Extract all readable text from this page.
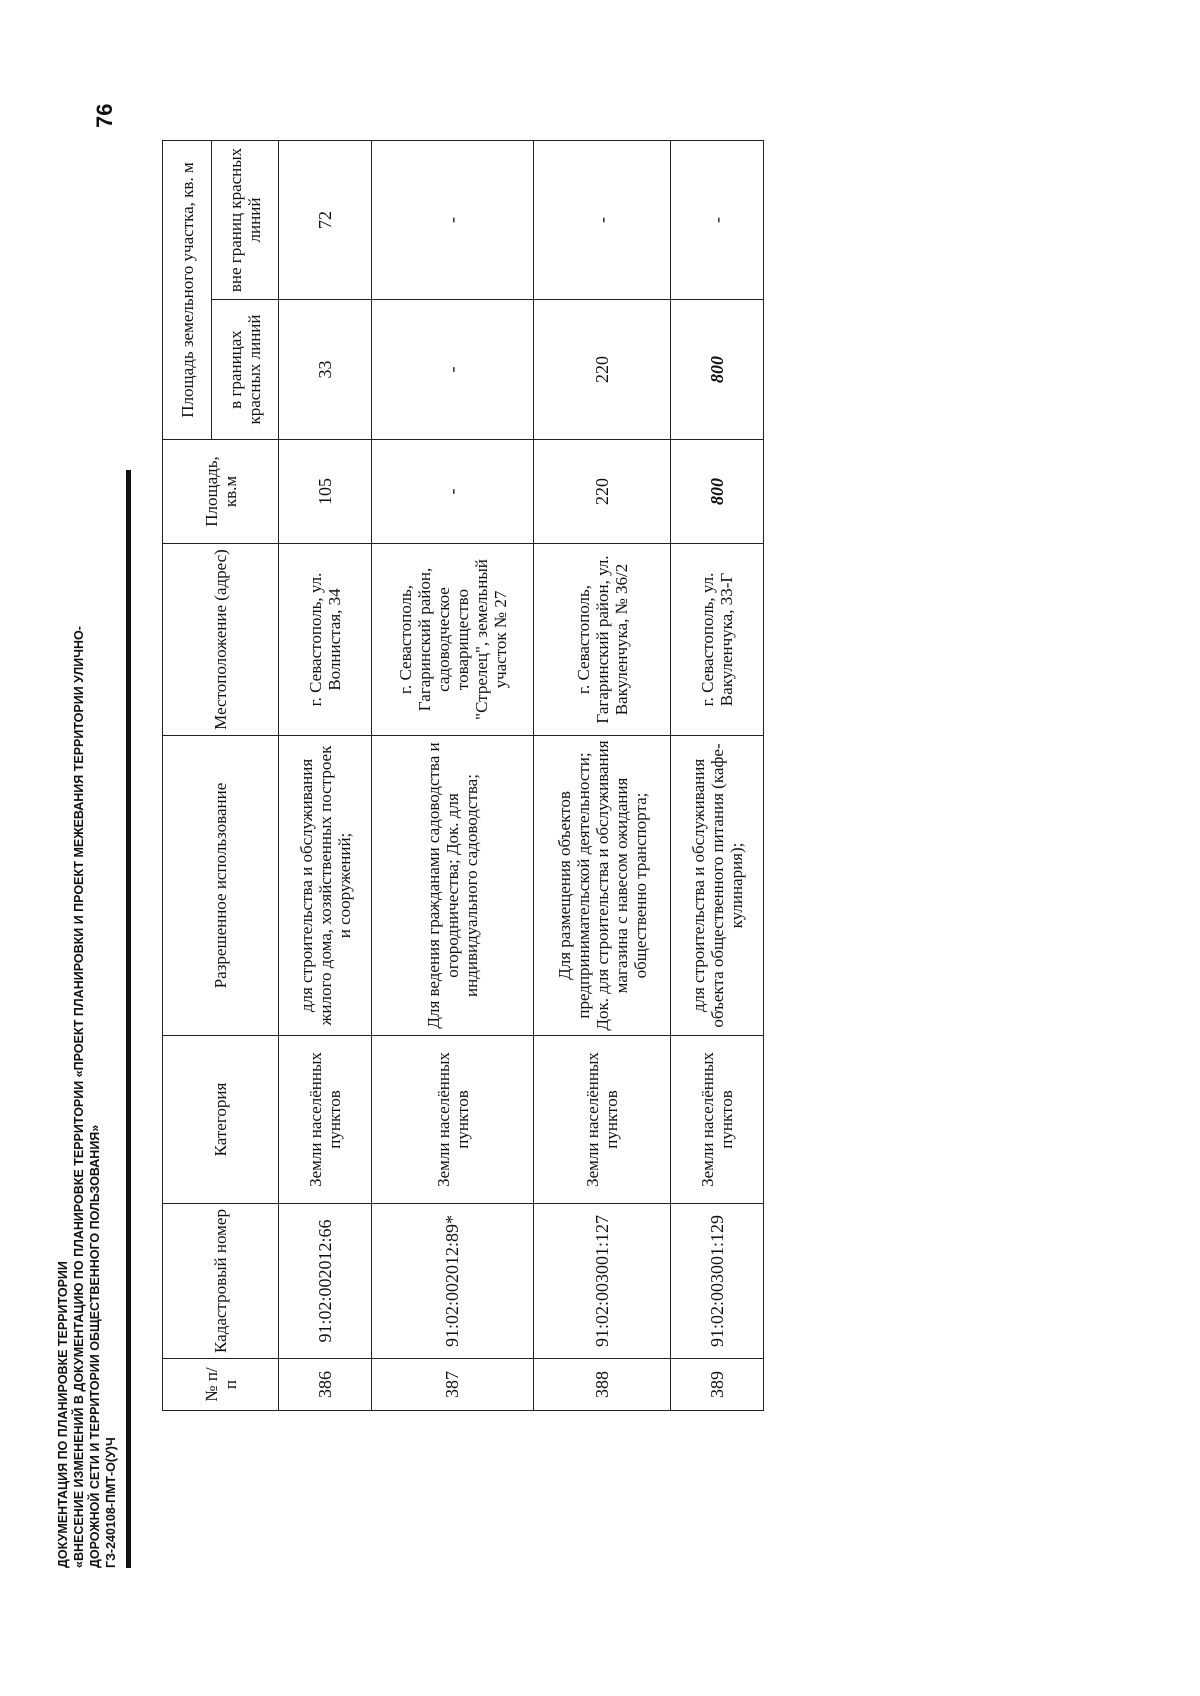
76
ДОКУМЕНТАЦИЯ ПО ПЛАНИРОВКЕ ТЕРРИТОРИИ «ВНЕСЕНИЕ ИЗМЕНЕНИЙ В ДОКУМЕНТАЦИЮ ПО ПЛАНИРОВКЕ ТЕРРИТОРИИ «ПРОЕКТ ПЛАНИРОВКИ И ПРОЕКТ МЕЖЕВАНИЯ ТЕРРИТОРИИ УЛИЧНО- ДОРОЖНОЙ СЕТИ И ТЕРРИТОРИИ ОБЩЕСТВЕННОГО ПОЛЬЗОВАНИЯ» ГЗ-240108-ПМТ-О(У)Ч
№ п/п	Кадастровый номер	Категория	Разрешенное использование	Местоположение (адрес)	Площадь, кв.м	Площадь земельного участка, кв. м	
						в границах красных линий	вне границ красных линий
386	91:02:002012:66	Земли населённых пунктов	для строительства и обслуживания жилого дома, хозяйственных построек и сооружений;	г. Севастополь, ул. Волнистая, 34	105	33	72
387	91:02:002012:89*	Земли населённых пунктов	Для ведения гражданами садоводства и огородничества; Док. для индивидуального садоводства;	г. Севастополь, Гагаринский район, садоводческое товарищество "Стрелец", земельный участок № 27	-	-	-
388	91:02:003001:127	Земли населённых пунктов	Для размещения объектов предпринимательской деятельности; Док. для строительства и обслуживания магазина с навесом ожидания общественно транспорта;	г. Севастополь, Гагаринский район, ул. Вакуленчука, № 36/2	220	220	-
389	91:02:003001:129	Земли населённых пунктов	для строительства и обслуживания объекта общественного питания (кафе-кулинария);	г. Севастополь, ул. Вакуленчука, 33-Г	800	800	-
